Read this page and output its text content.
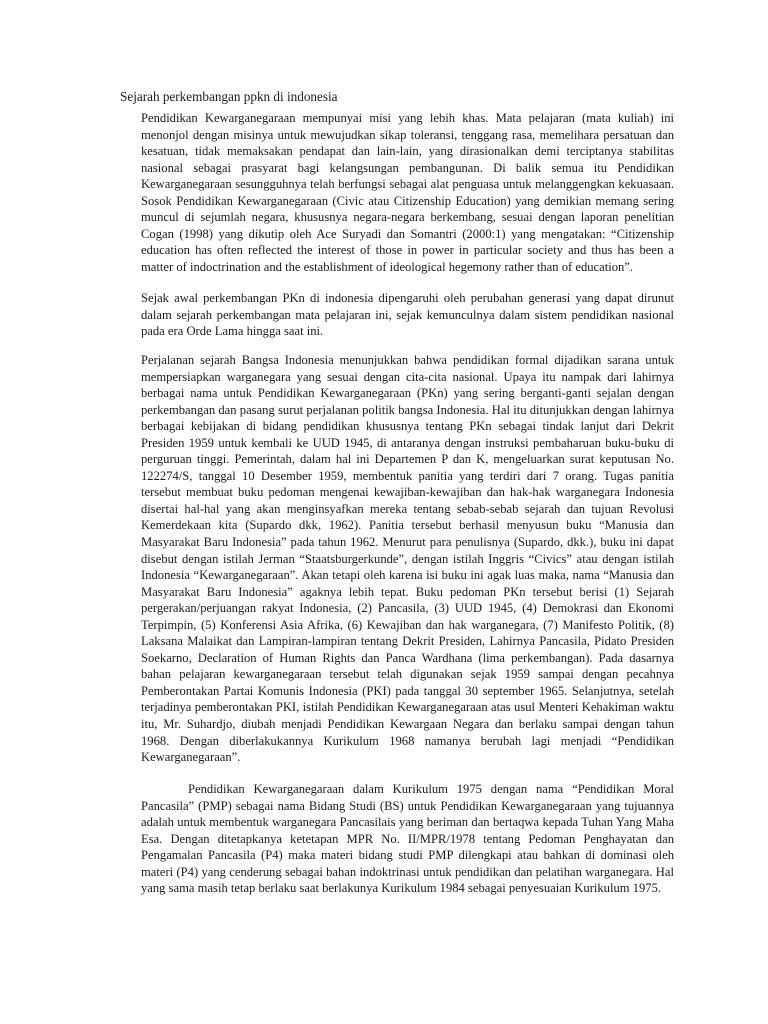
Sejarah perkembangan ppkn di indonesia

Pendidikan Kewarganegaraan mempunyai misi yang lebih khas. Mata pelajaran (mata kuliah) ini menonjol dengan misinya untuk mewujudkan sikap toleransi, tenggang rasa, memelihara persatuan dan kesatuan, tidak memaksakan pendapat dan lain-lain, yang dirasionalkan demi terciptanya stabilitas nasional sebagai prasyarat bagi kelangsungan pembangunan. Di balik semua itu Pendidikan Kewarganegaraan sesungguhnya telah berfungsi sebagai alat penguasa untuk melanggengkan kekuasaan. Sosok Pendidikan Kewarganegaraan (Civic atau Citizenship Education) yang demikian memang sering muncul di sejumlah negara, khususnya negara-negara berkembang, sesuai dengan laporan penelitian Cogan (1998) yang dikutip oleh Ace Suryadi dan Somantri (2000:1) yang mengatakan: “Citizenship education has often reflected the interest of those in power in particular society and thus has been a matter of indoctrination and the establishment of ideological hegemony rather than of education”.

Sejak awal perkembangan PKn di indonesia dipengaruhi oleh perubahan generasi yang dapat dirunut dalam sejarah perkembangan mata pelajaran ini, sejak kemunculnya dalam sistem pendidikan nasional pada era Orde Lama hingga saat ini.

Perjalanan sejarah Bangsa Indonesia menunjukkan bahwa pendidikan formal dijadikan sarana untuk mempersiapkan warganegara yang sesuai dengan cita-cita nasional. Upaya itu nampak dari lahirnya berbagai nama untuk Pendidikan Kewarganegaraan (PKn) yang sering berganti-ganti sejalan dengan perkembangan dan pasang surut perjalanan politik bangsa Indonesia. Hal itu ditunjukkan dengan lahirnya berbagai kebijakan di bidang pendidikan khususnya tentang PKn sebagai tindak lanjut dari Dekrit Presiden 1959 untuk kembali ke UUD 1945, di antaranya dengan instruksi pembaharuan buku-buku di perguruan tinggi. Pemerintah, dalam hal ini Departemen P dan K, mengeluarkan surat keputusan No. 122274/S, tanggal 10 Desember 1959, membentuk panitia yang terdiri dari 7 orang. Tugas panitia tersebut membuat buku pedoman mengenai kewajiban-kewajiban dan hak-hak warganegara Indonesia disertai hal-hal yang akan menginsyafkan mereka tentang sebab-sebab sejarah dan tujuan Revolusi Kemerdekaan kita (Supardo dkk, 1962). Panitia tersebut berhasil menyusun buku “Manusia dan Masyarakat Baru Indonesia” pada tahun 1962. Menurut para penulisnya (Supardo, dkk.), buku ini dapat disebut dengan istilah Jerman “Staatsburgerkunde”, dengan istilah Inggris “Civics” atau dengan istilah Indonesia “Kewarganegaraan”. Akan tetapi oleh karena isi buku ini agak luas maka, nama “Manusia dan Masyarakat Baru Indonesia” agaknya lebih tepat. Buku pedoman PKn tersebut berisi (1) Sejarah pergerakan/perjuangan rakyat Indonesia, (2) Pancasila, (3) UUD 1945, (4) Demokrasi dan Ekonomi Terpimpin, (5) Konferensi Asia Afrika, (6) Kewajiban dan hak warganegara, (7) Manifesto Politik, (8) Laksana Malaikat dan Lampiran-lampiran tentang Dekrit Presiden, Lahirnya Pancasila, Pidato Presiden Soekarno, Declaration of Human Rights dan Panca Wardhana (lima perkembangan). Pada dasarnya bahan pelajaran kewarganegaraan tersebut telah digunakan sejak 1959 sampai dengan pecahnya Pemberontakan Partai Komunis Indonesia (PKI) pada tanggal 30 september 1965. Selanjutnya, setelah terjadinya pemberontakan PKI, istilah Pendidikan Kewarganegaraan atas usul Menteri Kehakiman waktu itu, Mr. Suhardjo, diubah menjadi Pendidikan Kewargaan Negara dan berlaku sampai dengan tahun 1968. Dengan diberlakukannya Kurikulum 1968 namanya berubah lagi menjadi “Pendidikan Kewarganegaraan”.

Pendidikan Kewarganegaraan dalam Kurikulum 1975 dengan nama “Pendidikan Moral Pancasila” (PMP) sebagai nama Bidang Studi (BS) untuk Pendidikan Kewarganegaraan yang tujuannya adalah untuk membentuk warganegara Pancasilais yang beriman dan bertaqwa kepada Tuhan Yang Maha Esa. Dengan ditetapkanya ketetapan MPR No. II/MPR/1978 tentang Pedoman Penghayatan dan Pengamalan Pancasila (P4) maka materi bidang studi PMP dilengkapi atau bahkan di dominasi oleh materi (P4) yang cenderung sebagai bahan indoktrinasi untuk pendidikan dan pelatihan warganegara. Hal yang sama masih tetap berlaku saat berlakunya Kurikulum 1984 sebagai penyesuaian Kurikulum 1975.
